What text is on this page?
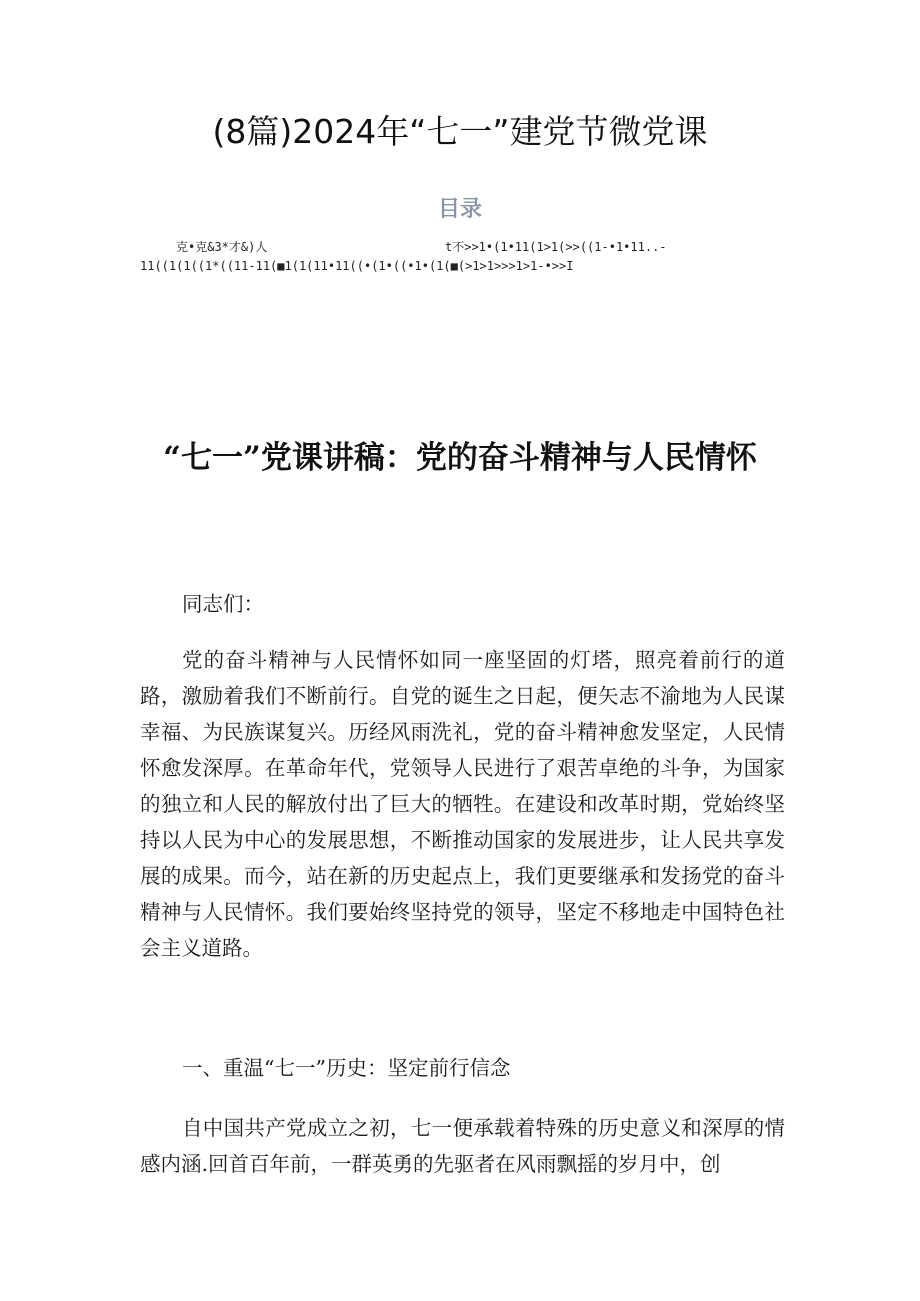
(8篇)2024年“七一”建党节微党课
目录

克•克&3*才&)人	t不>>1•(1•11(1>1(>>((1-•1•11..-

11((1(1((1*((11-11(■1(1(11•11((•(1•((•1•(1(■(>1>1>>>1>1-•>>I

“七一”党课讲稿：党的奋斗精神与人民情怀

同志们：

党的奋斗精神与人民情怀如同一座坚固的灯塔，照亮着前行的道路，激励着我们不断前行。自党的诞生之日起，便矢志不渝地为人民谋幸福、为民族谋复兴。历经风雨洗礼，党的奋斗精神愈发坚定，人民情怀愈发深厚。在革命年代，党领导人民进行了艰苦卓绝的斗争，为国家的独立和人民的解放付出了巨大的牺牲。在建设和改革时期，党始终坚持以人民为中心的发展思想，不断推动国家的发展进步，让人民共享发展的成果。而今，站在新的历史起点上，我们更要继承和发扬党的奋斗精神与人民情怀。我们要始终坚持党的领导，坚定不移地走中国特色社会主义道路。

一、重温“七一”历史：坚定前行信念

自中国共产党成立之初，七一便承载着特殊的历史意义和深厚的情感内涵.回首百年前，一群英勇的先驱者在风雨飘摇的岁月中，创
